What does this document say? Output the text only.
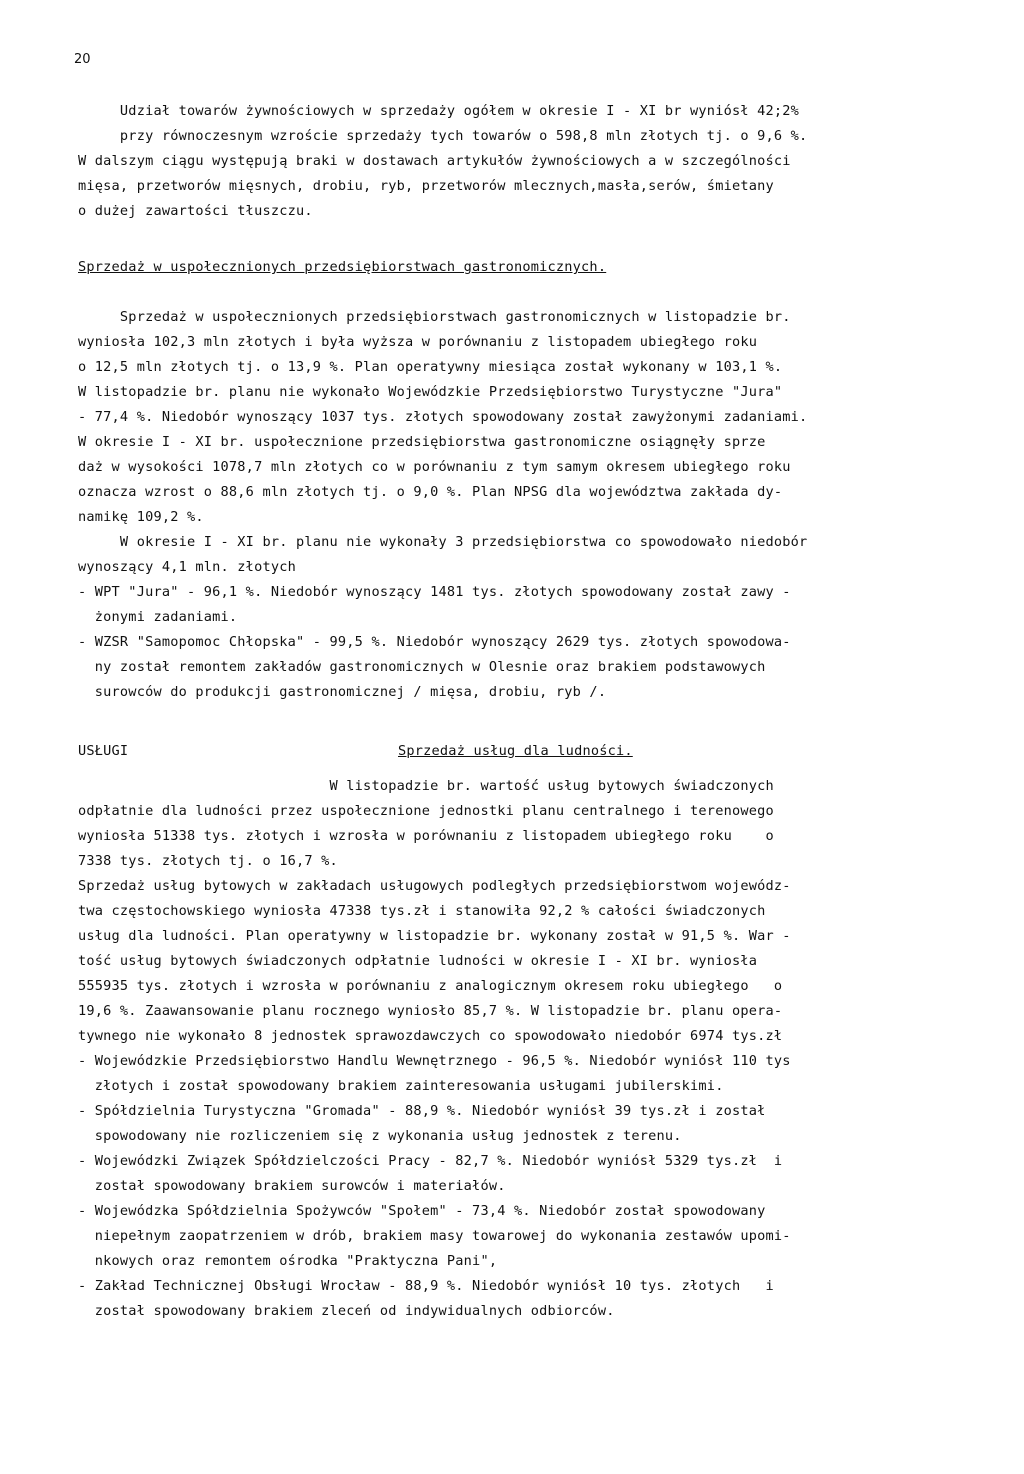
20
Udział towarów żywnościowych w sprzedaży ogółem w okresie I - XI br wyniósł 42;2%
przy równoczesnym wzroście sprzedaży tych towarów o 598,8 mln złotych tj. o 9,6 %.
W dalszym ciągu występują braki w dostawach artykułów żywnościowych a w szczególności
mięsa, przetworów mięsnych, drobiu, ryb, przetworów mlecznych,masła,serów, śmietany
o dużej zawartości tłuszczu.
Sprzedaż w uspołecznionych przedsiębiorstwach gastronomicznych.
Sprzedaż w uspołecznionych przedsiębiorstwach gastronomicznych w listopadzie br.
wyniosła 102,3 mln złotych i była wyższa w porównaniu z listopadem ubiegłego roku
o 12,5 mln złotych tj. o 13,9 %. Plan operatywny miesiąca został wykonany w 103,1 %.
W listopadzie br. planu nie wykonało Wojewódzkie Przedsiębiorstwo Turystyczne "Jura"
- 77,4 %. Niedobór wynoszący 1037 tys. złotych spowodowany został zawyżonymi zadaniami.
W okresie I - XI br. uspołecznione przedsiębiorstwa gastronomiczne osiągnęły sprze
daż w wysokości 1078,7 mln złotych co w porównaniu z tym samym okresem ubiegłego roku
oznacza wzrost o 88,6 mln złotych tj. o 9,0 %. Plan NPSG dla województwa zakłada dy-
namikę 109,2 %.
W okresie I - XI br. planu nie wykonały 3 przedsiębiorstwa co spowodowało niedobór
wynoszący 4,1 mln. złotych
- WPT "Jura" - 96,1 %. Niedobór wynoszący 1481 tys. złotych spowodowany został zawy -
żonymi zadaniami.
- WZSR "Samopomoc Chłopska" - 99,5 %. Niedobór wynoszący 2629 tys. złotych spowodowa-
ny został remontem zakładów gastronomicznych w Olesnie oraz brakiem podstawowych
surowców do produkcji gastronomicznej / mięsa, drobiu, ryb /.
USŁUGI	Sprzedaż usług dla ludności.
W listopadzie br. wartość usług bytowych świadczonych
odpłatnie dla ludności przez uspołecznione jednostki planu centralnego i terenowego
wyniosła 51338 tys. złotych i wzrosła w porównaniu z listopadem ubiegłego roku    o
7338 tys. złotych tj. o 16,7 %.
Sprzedaż usług bytowych w zakładach usługowych podległych przedsiębiorstwom wojewódz-
twa częstochowskiego wyniosła 47338 tys.zł i stanowiła 92,2 % całości świadczonych
usług dla ludności. Plan operatywny w listopadzie br. wykonany został w 91,5 %. War -
tość usług bytowych świadczonych odpłatnie ludności w okresie I - XI br. wyniosła
555935 tys. złotych i wzrosła w porównaniu z analogicznym okresem roku ubiegłego   o
19,6 %. Zaawansowanie planu rocznego wyniosło 85,7 %. W listopadzie br. planu opera-
tywnego nie wykonało 8 jednostek sprawozdawczych co spowodowało niedobór 6974 tys.zł
- Wojewódzkie Przedsiębiorstwo Handlu Wewnętrznego - 96,5 %. Niedobór wyniósł 110 tys
złotych i został spowodowany brakiem zainteresowania usługami jubilerskimi.
- Spółdzielnia Turystyczna "Gromada" - 88,9 %. Niedobór wyniósł 39 tys.zł i został
spowodowany nie rozliczeniem się z wykonania usług jednostek z terenu.
- Wojewódzki Związek Spółdzielczości Pracy - 82,7 %. Niedobór wyniósł 5329 tys.zł  i
został spowodowany brakiem surowców i materiałów.
- Wojewódzka Spółdzielnia Spożywców "Społem" - 73,4 %. Niedobór został spowodowany
niepełnym zaopatrzeniem w drób, brakiem masy towarowej do wykonania zestawów upomi-
nkowych oraz remontem ośrodka "Praktyczna Pani",
- Zakład Technicznej Obsługi Wrocław - 88,9 %. Niedobór wyniósł 10 tys. złotych   i
został spowodowany brakiem zleceń od indywidualnych odbiorców.
